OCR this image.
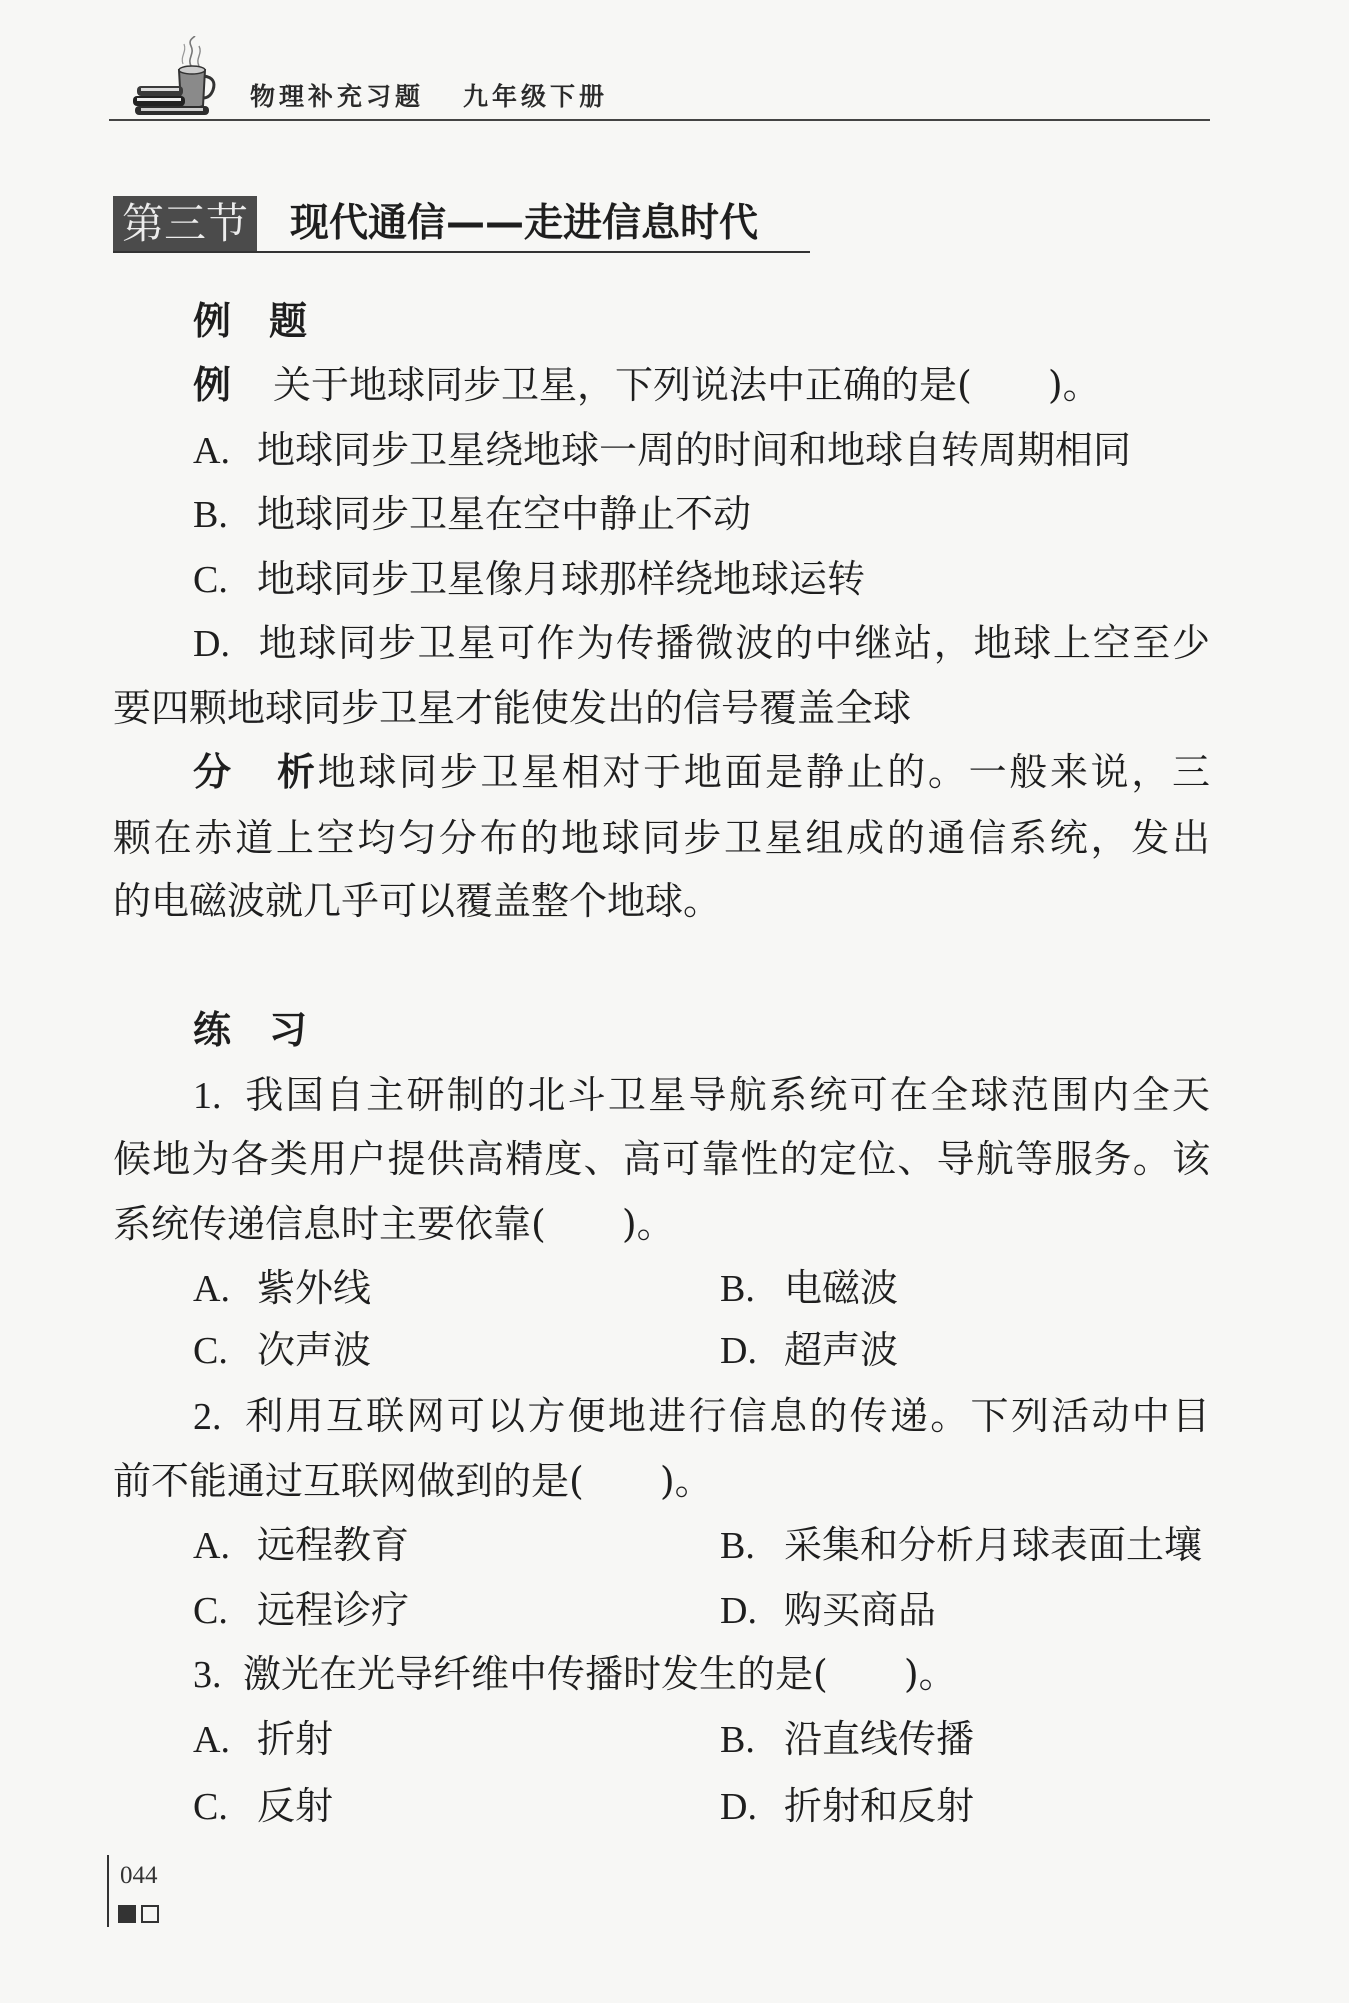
物理补充习题 九年级下册
第三节 现代通信——走进信息时代
例　题
例 关于地球同步卫星，下列说法中正确的是(　　)。
A. 地球同步卫星绕地球一周的时间和地球自转周期相同
B. 地球同步卫星在空中静止不动
C. 地球同步卫星像月球那样绕地球运转
D. 地球同步卫星可作为传播微波的中继站，地球上空至少
要四颗地球同步卫星才能使发出的信号覆盖全球
分析地球同步卫星相对于地面是静止的。一般来说，三
颗在赤道上空均匀分布的地球同步卫星组成的通信系统，发出
的电磁波就几乎可以覆盖整个地球。
练　习
1. 我国自主研制的北斗卫星导航系统可在全球范围内全天
候地为各类用户提供高精度、高可靠性的定位、导航等服务。该
系统传递信息时主要依靠(　　)。
A. 紫外线	B. 电磁波
C. 次声波	D. 超声波
2. 利用互联网可以方便地进行信息的传递。下列活动中目
前不能通过互联网做到的是(　　)。
A. 远程教育	B. 采集和分析月球表面土壤
C. 远程诊疗	D. 购买商品
3. 激光在光导纤维中传播时发生的是(　　)。
A. 折射	B. 沿直线传播
C. 反射	D. 折射和反射
044
